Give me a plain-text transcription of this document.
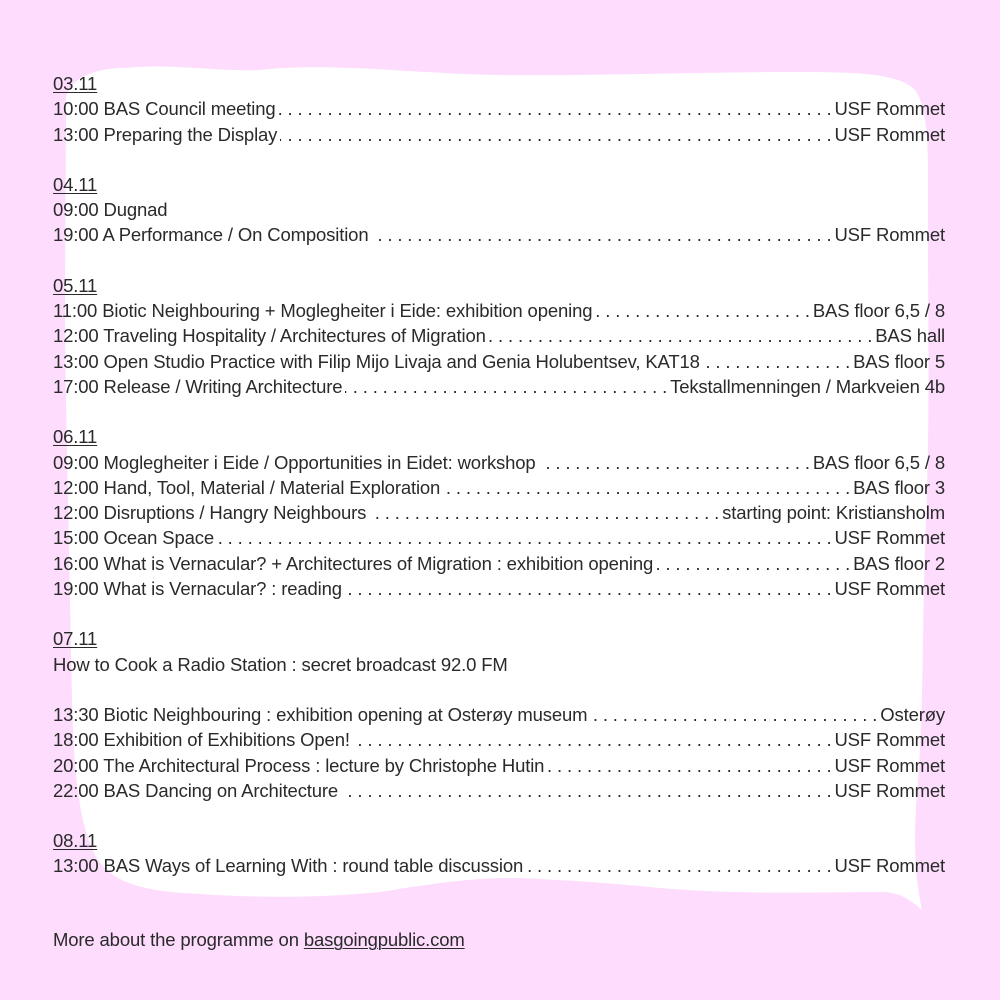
03.11
10:00 BAS Council meeting . . .	USF Rommet
13:00 Preparing the Display . . .	USF Rommet
04.11
09:00 Dugnad
19:00 A Performance / On Composition . . .	USF Rommet
05.11
11:00 Biotic Neighbouring + Moglegheiter i Eide: exhibition opening . . .	BAS floor 6,5 / 8
12:00 Traveling Hospitality / Architectures of Migration . . .	BAS hall
13:00 Open Studio Practice with Filip Mijo Livaja and Genia Holubentsev, KAT18 . . .	BAS floor 5
17:00 Release / Writing Architecture . . .	Tekstallmenningen / Markveien 4b
06.11
09:00 Moglegheiter i Eide / Opportunities in Eidet: workshop . . .	BAS floor 6,5 / 8
12:00 Hand, Tool, Material / Material Exploration . . .	BAS floor 3
12:00 Disruptions / Hangry Neighbours . . .	starting point: Kristiansholm
15:00 Ocean Space . . .	USF Rommet
16:00 What is Vernacular? + Architectures of Migration : exhibition opening . . .	BAS floor 2
19:00 What is Vernacular? : reading . . .	USF Rommet
07.11
How to Cook a Radio Station : secret broadcast 92.0 FM
13:30 Biotic Neighbouring : exhibition opening at Osterøy museum . . .	Osterøy
18:00 Exhibition of Exhibitions Open! . . .	USF Rommet
20:00 The Architectural Process : lecture by Christophe Hutin . . .	USF Rommet
22:00 BAS Dancing on Architecture . . .	USF Rommet
08.11
13:00 BAS Ways of Learning With : round table discussion . . .	USF Rommet
More about the programme on basgoingpublic.com
